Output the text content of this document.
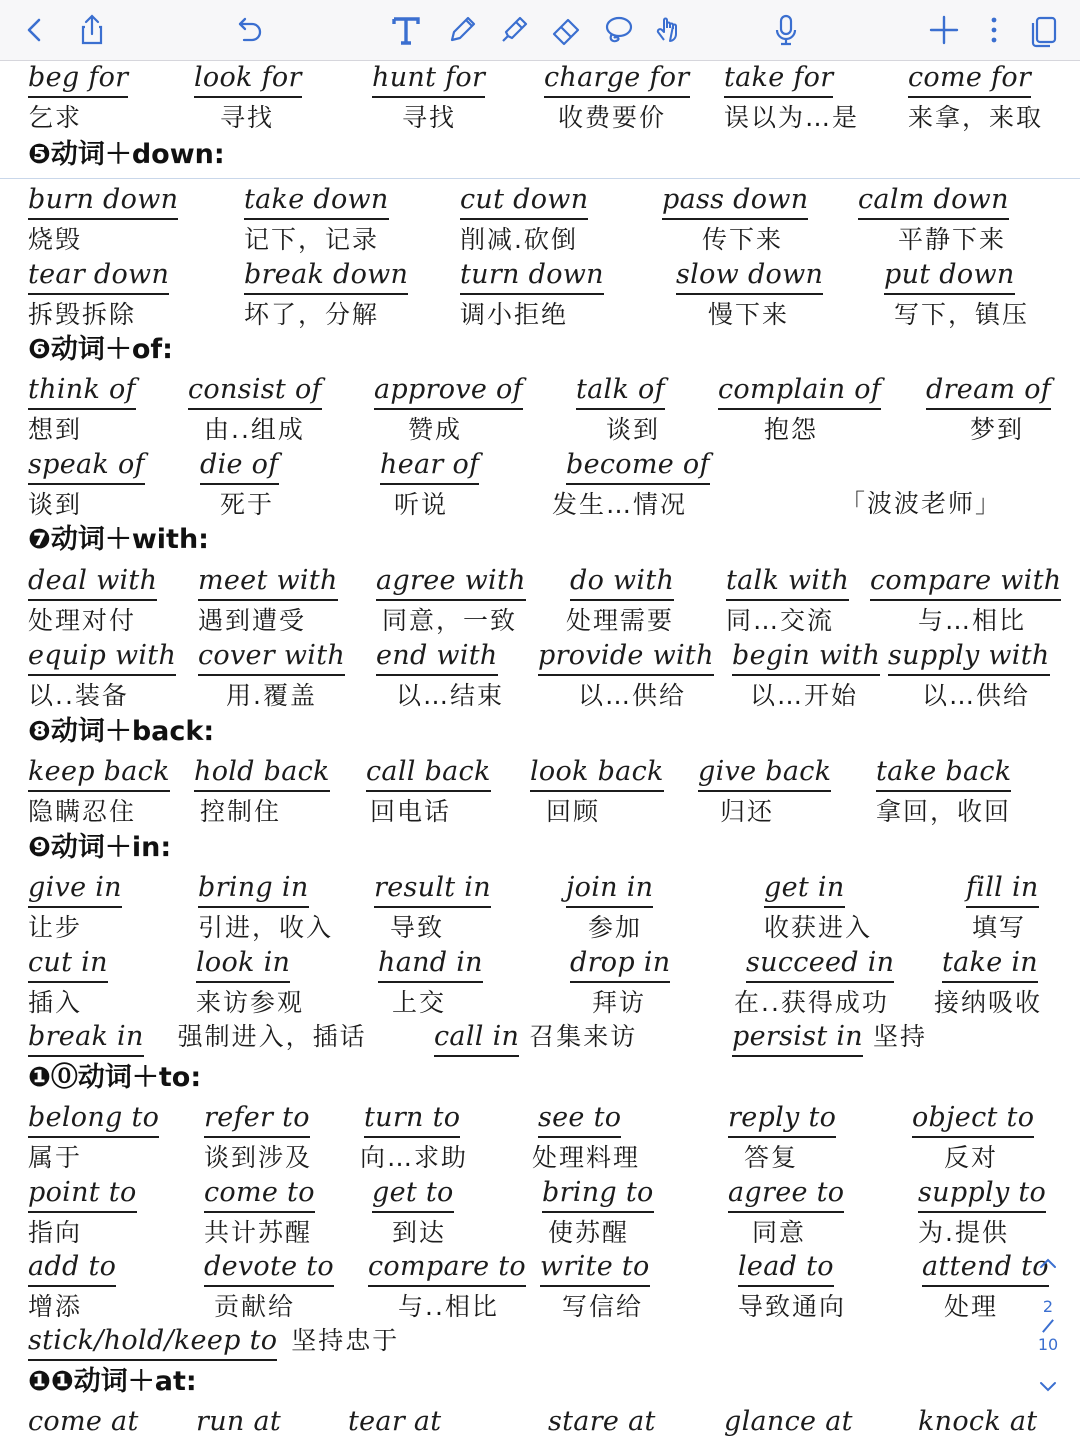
beg for
乞求
look for
寻找
hunt for
寻找
charge for
收费要价
take for
误以为…是
come for
来拿，来取
❺动词＋down:
burn down
烧毁
take down
记下，记录
cut down
削减.砍倒
pass down
传下来
calm down
平静下来
tear down
拆毁拆除
break down
坏了，分解
turn down
调小拒绝
slow down
慢下来
put down
写下，镇压
❻动词＋of:
think of
想到
consist of
由..组成
approve of
赞成
talk of
谈到
complain of
抱怨
dream of
梦到
speak of
谈到
die of
死于
hear of
听说
become of
发生…情况	「波波老师」
❼动词＋with:
deal with
处理对付
meet with
遇到遭受
agree with
同意，一致
do with
处理需要
talk with
同…交流
compare with
与…相比
equip with
以..装备
cover with
用.覆盖
end with
以…结束
provide with
以…供给
begin with
以…开始
supply with
以…供给
❽动词＋back:
keep back
隐瞒忍住
hold back
控制住
call back
回电话
look back
回顾
give back
归还
take back
拿回，收回
❾动词＋in:
give in
让步
bring in
引进，收入
result in
导致
join in
参加
get in
收获进入
fill in
填写
cut in
插入
look in
来访参观
hand in
上交
drop in
拜访
succeed in
在..获得成功
take in
接纳吸收
break in 强制进入，插话 call in 召集来访	persist in 坚持
❶⓪动词＋to:
belong to
属于
refer to
谈到涉及
turn to
向…求助
see to
处理料理
reply to
答复
object to
反对
point to
指向
come to
共计苏醒
get to
到达
bring to
使苏醒
agree to
同意
supply to
为.提供
add to
增添
devote to
贡献给
compare to
与..相比
write to
写信给
lead to
导致通向
attend to
处理
stick/hold/keep to 坚持忠于
❶❶动词＋at:
come at run at tear at	stare at	glance at knock at
2
10
